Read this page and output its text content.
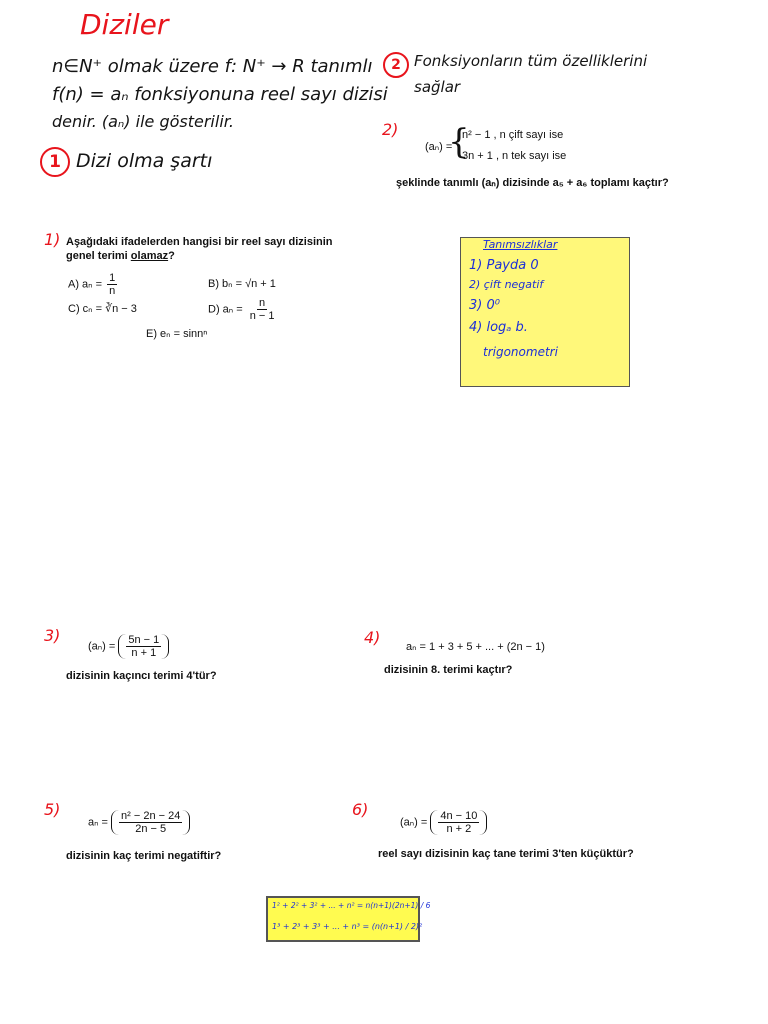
Diziler
n∈N⁺ olmak üzere f: N⁺ → R tanımlı
f(n) = aₙ fonksiyonuna reel sayı dizisi
denir. (aₙ) ile gösterilir.
1 Dizi olma şartı
2 Fonksiyonların tüm özelliklerini
sağlar
2)
(aₙ) =
{
n² − 1 , n çift sayı ise
3n + 1 , n tek sayı ise
şeklinde tanımlı (aₙ) dizisinde a₅ + a₆ toplamı kaçtır?
1) Aşağıdaki ifadelerden hangisi bir reel sayı dizisinin
genel terimi olamaz?
A) $a_n = \frac{1}{n}$	B) bₙ = √n + 1
C) cₙ = ∛n − 3	D) $a_n = \frac{n}{n - 1}$
E) eₙ = sinnⁿ
Tanımsızlıklar
1) Payda 0
2) çift negatif
3) 0⁰
4) logₐ b.
trigonometri
3)
$(a_n) = \frac{5n - 1}{n + 1}$
dizisinin kaçıncı terimi 4'tür?
4) aₙ = 1 + 3 + 5 + ... + (2n − 1)
dizisinin 8. terimi kaçtır?
5)
$a_n = \frac{\text{n² − 2n − 24}}{2n - 5}$
dizisinin kaç terimi negatiftir?
6)
$(a_n) = \frac{4n - 10}{n + 2}$
reel sayı dizisinin kaç tane terimi 3'ten küçüktür?
1² + 2² + 3² + ... + n² = n(n+1)(2n+1) / 6
1³ + 2³ + 3³ + ... + n³ = (n(n+1) / 2)²
